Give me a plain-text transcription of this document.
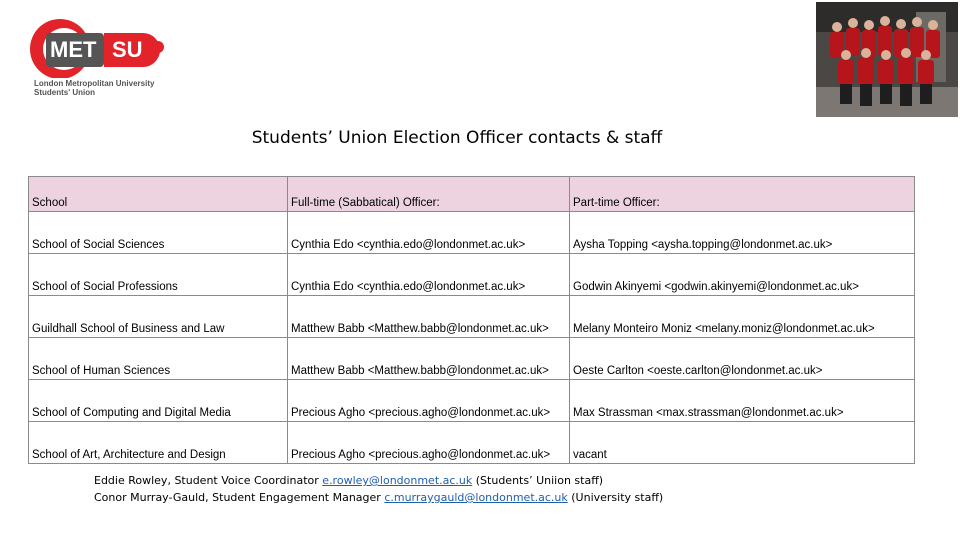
MET SU
London Metropolitan University
Students' Union
Students’ Union Election Officer contacts & staff
School	Full-time (Sabbatical) Officer:	Part-time Officer:
School of Social Sciences	Cynthia Edo <cynthia.edo@londonmet.ac.uk>	Aysha Topping <aysha.topping@londonmet.ac.uk>
School of Social Professions	Cynthia Edo <cynthia.edo@londonmet.ac.uk>	Godwin Akinyemi <godwin.akinyemi@londonmet.ac.uk>
Guildhall School of Business and Law	Matthew Babb <Matthew.babb@londonmet.ac.uk>	Melany Monteiro Moniz <melany.moniz@londonmet.ac.uk>
School of Human Sciences	Matthew Babb <Matthew.babb@londonmet.ac.uk>	Oeste Carlton <oeste.carlton@londonmet.ac.uk>
School of Computing and Digital Media	Precious Agho <precious.agho@londonmet.ac.uk>	Max Strassman <max.strassman@londonmet.ac.uk>
School of Art, Architecture and Design	Precious Agho <precious.agho@londonmet.ac.uk>	vacant
Eddie Rowley, Student Voice Coordinator e.rowley@londonmet.ac.uk (Students’ Uniion staff)
Conor Murray-Gauld, Student Engagement Manager c.murraygauld@londonmet.ac.uk (University staff)
